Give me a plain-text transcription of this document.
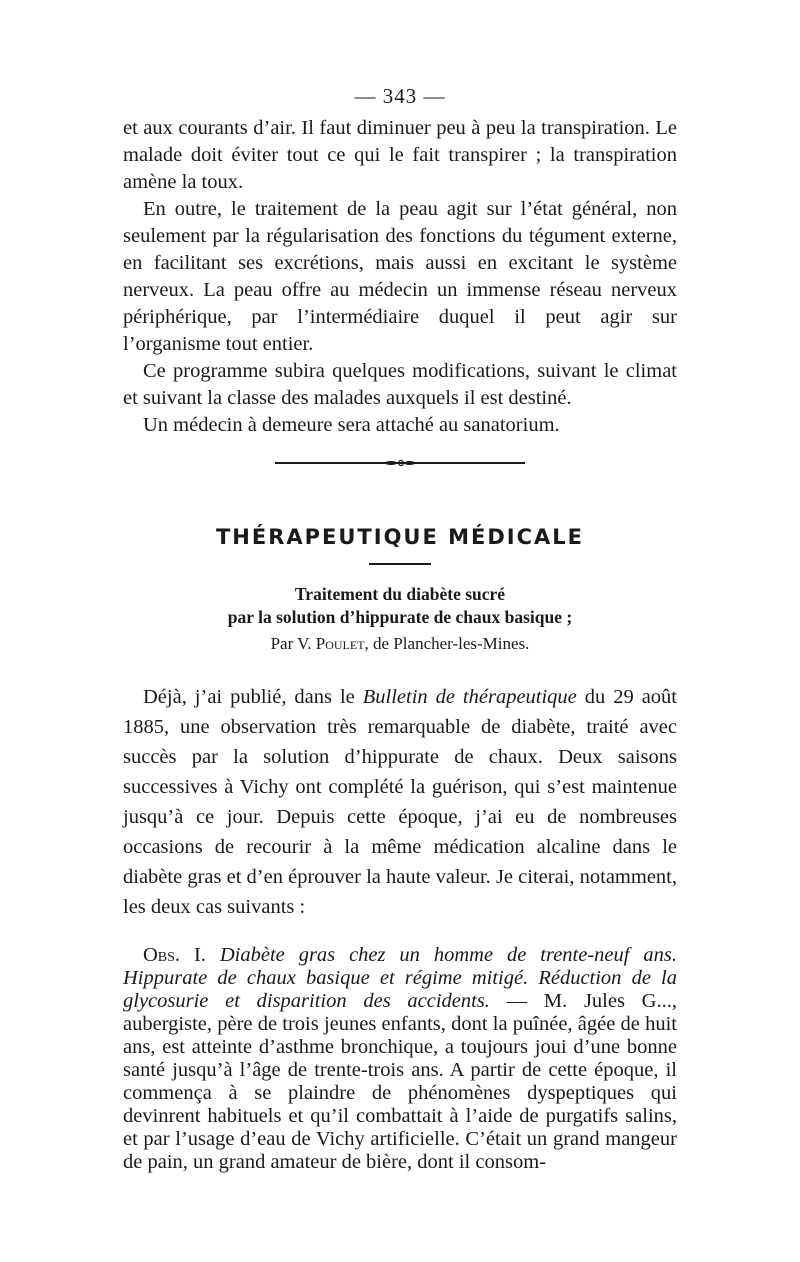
— 343 —

et aux courants d’air. Il faut diminuer peu à peu la transpiration. Le malade doit éviter tout ce qui le fait transpirer ; la transpiration amène la toux.

En outre, le traitement de la peau agit sur l’état général, non seulement par la régularisation des fonctions du tégument externe, en facilitant ses excrétions, mais aussi en excitant le système nerveux. La peau offre au médecin un immense réseau nerveux périphérique, par l’intermédiaire duquel il peut agir sur l’organisme tout entier.

Ce programme subira quelques modifications, suivant le climat et suivant la classe des malades auxquels il est destiné.

Un médecin à demeure sera attaché au sanatorium.

THÉRAPEUTIQUE MÉDICALE
Traitement du diabète sucré
par la solution d’hippurate de chaux basique ;
Par V. Poulet, de Plancher-les-Mines.

Déjà, j’ai publié, dans le Bulletin de thérapeutique du 29 août 1885, une observation très remarquable de diabète, traité avec succès par la solution d’hippurate de chaux. Deux saisons successives à Vichy ont complété la guérison, qui s’est maintenue jusqu’à ce jour. Depuis cette époque, j’ai eu de nombreuses occasions de recourir à la même médication alcaline dans le diabète gras et d’en éprouver la haute valeur. Je citerai, notamment, les deux cas suivants :

Obs. I. Diabète gras chez un homme de trente-neuf ans. Hippurate de chaux basique et régime mitigé. Réduction de la glycosurie et disparition des accidents. — M. Jules G..., aubergiste, père de trois jeunes enfants, dont la puînée, âgée de huit ans, est atteinte d’asthme bronchique, a toujours joui d’une bonne santé jusqu’à l’âge de trente-trois ans. A partir de cette époque, il commença à se plaindre de phénomènes dyspeptiques qui devinrent habituels et qu’il combattait à l’aide de purgatifs salins, et par l’usage d’eau de Vichy artificielle. C’était un grand mangeur de pain, un grand amateur de bière, dont il consom-
